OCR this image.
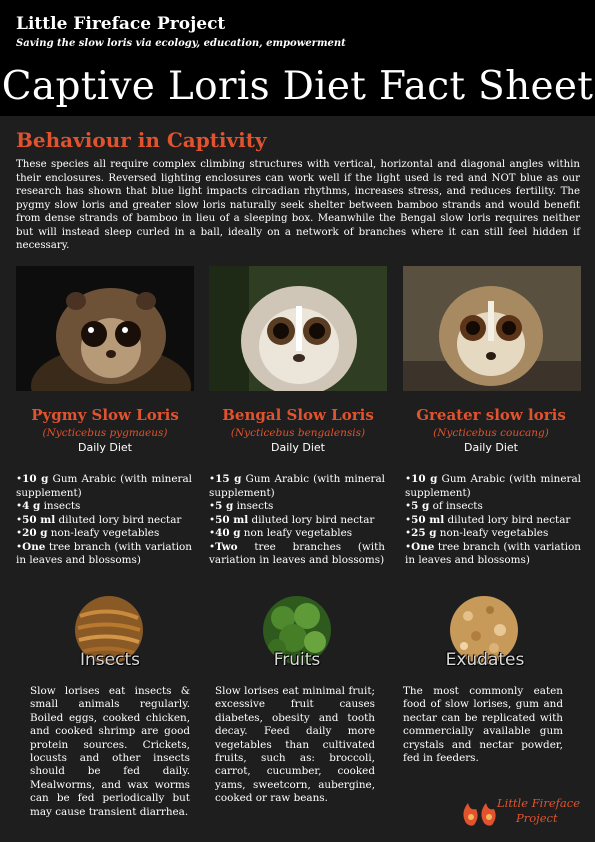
Little Fireface Project
Saving the slow loris via ecology, education, empowerment
Captive Loris Diet Fact Sheet
Behaviour in Captivity
These species all require complex climbing structures with vertical, horizontal and diagonal angles within their enclosures. Reversed lighting enclosures can work well if the light used is red and NOT blue as our research has shown that blue light impacts circadian rhythms, increases stress, and reduces fertility. The pygmy slow loris and greater slow loris naturally seek shelter between bamboo strands and would benefit from dense strands of bamboo in lieu of a sleeping box. Meanwhile the Bengal slow loris requires neither but will instead sleep curled in a ball, ideally on a network of branches where it can still feel hidden if necessary.
Pygmy Slow Loris
(Nycticebus pygmaeus)
Daily Diet
Bengal Slow Loris
(Nycticebus bengalensis)
Daily Diet
Greater slow loris
(Nycticebus coucang)
Daily Diet
•10 g Gum Arabic (with mineral supplement)
•4 g insects
•50 ml diluted lory bird nectar
•20 g non-leafy vegetables
•One tree branch (with variation in leaves and blossoms)
•15 g Gum Arabic (with mineral supplement)
•5 g insects
•50 ml diluted lory bird nectar
•40 g non leafy vegetables
•Two tree branches (with variation in leaves and blossoms)
•10 g Gum Arabic (with mineral supplement)
•5 g of insects
•50 ml diluted lory bird nectar
•25 g non-leafy vegetables
•One tree branch (with variation in leaves and blossoms)
Insects	Fruits	Exudates
Slow lorises eat insects & small animals regularly. Boiled eggs, cooked chicken, and cooked shrimp are good protein sources. Crickets, locusts and other insects should be fed daily. Mealworms, and wax worms can be fed periodically but may cause transient diarrhea.
Slow lorises eat minimal fruit; excessive fruit causes diabetes, obesity and tooth decay. Feed daily more vegetables than cultivated fruits, such as: broccoli, carrot, cucumber, cooked yams, sweetcorn, aubergine, cooked or raw beans.
The most commonly eaten food of slow lorises, gum and nectar can be replicated with commercially available gum crystals and nectar powder, fed in feeders.
Little Fireface
Project
